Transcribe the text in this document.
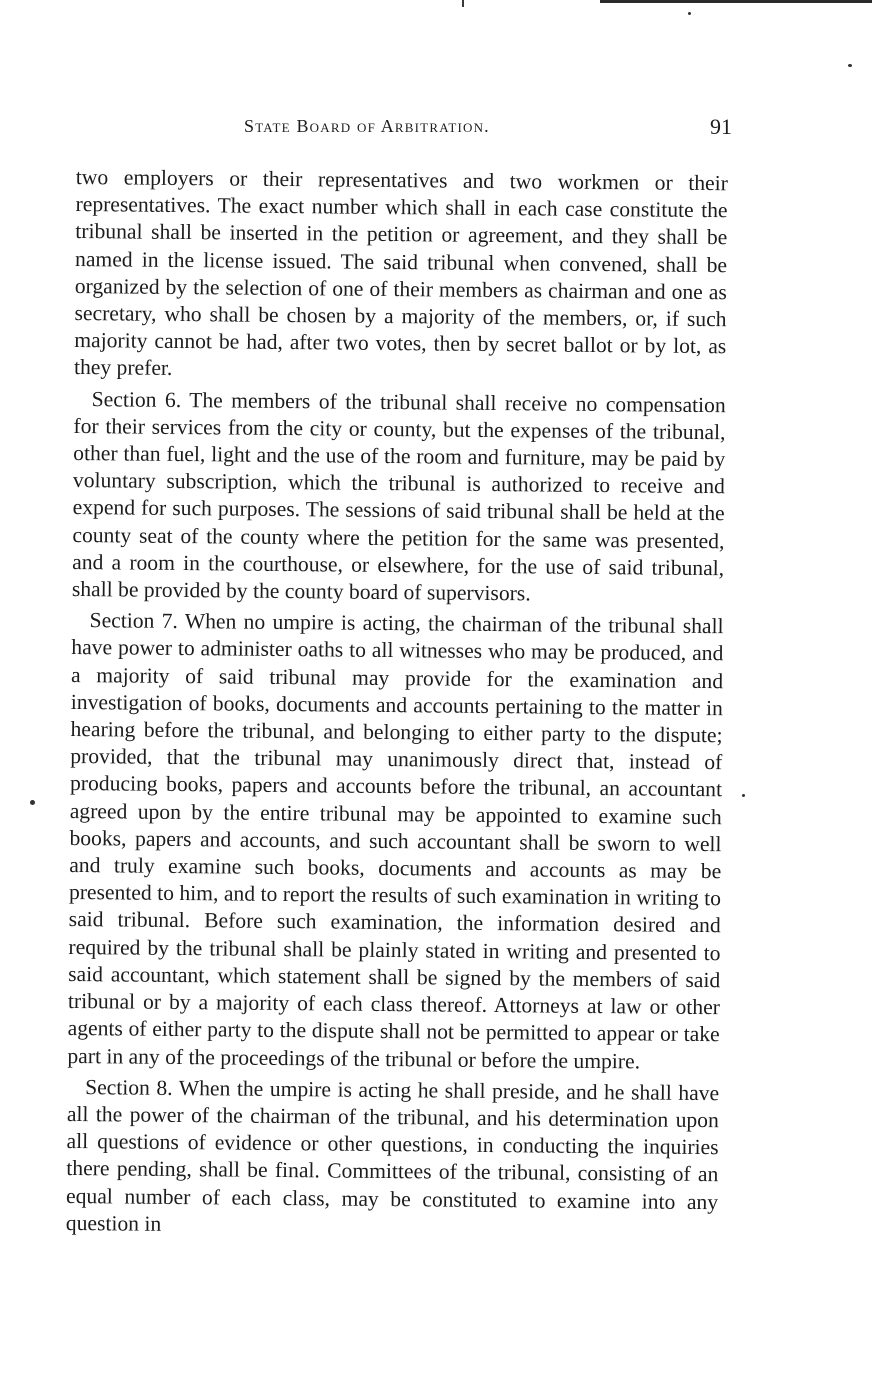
State Board of Arbitration.	91

two employers or their representatives and two workmen or their representatives. The exact number which shall in each case constitute the tribunal shall be inserted in the petition or agreement, and they shall be named in the license issued. The said tribunal when convened, shall be organized by the selection of one of their members as chairman and one as secretary, who shall be chosen by a majority of the members, or, if such majority cannot be had, after two votes, then by secret ballot or by lot, as they prefer.

Section 6. The members of the tribunal shall receive no compensation for their services from the city or county, but the expenses of the tribunal, other than fuel, light and the use of the room and furniture, may be paid by voluntary subscription, which the tribunal is authorized to receive and expend for such purposes. The sessions of said tribunal shall be held at the county seat of the county where the petition for the same was presented, and a room in the courthouse, or elsewhere, for the use of said tribunal, shall be provided by the county board of supervisors.

Section 7. When no umpire is acting, the chairman of the tribunal shall have power to administer oaths to all witnesses who may be produced, and a majority of said tribunal may provide for the examination and investigation of books, documents and accounts pertaining to the matter in hearing before the tribunal, and belonging to either party to the dispute; provided, that the tribunal may unanimously direct that, instead of producing books, papers and accounts before the tribunal, an accountant agreed upon by the entire tribunal may be appointed to examine such books, papers and accounts, and such accountant shall be sworn to well and truly examine such books, documents and accounts as may be presented to him, and to report the results of such examination in writing to said tribunal. Before such examination, the information desired and required by the tribunal shall be plainly stated in writing and presented to said accountant, which statement shall be signed by the members of said tribunal or by a majority of each class thereof. Attorneys at law or other agents of either party to the dispute shall not be permitted to appear or take part in any of the proceedings of the tribunal or before the umpire.

Section 8. When the umpire is acting he shall preside, and he shall have all the power of the chairman of the tribunal, and his determination upon all questions of evidence or other questions, in conducting the inquiries there pending, shall be final. Committees of the tribunal, consisting of an equal number of each class, may be constituted to examine into any question in
